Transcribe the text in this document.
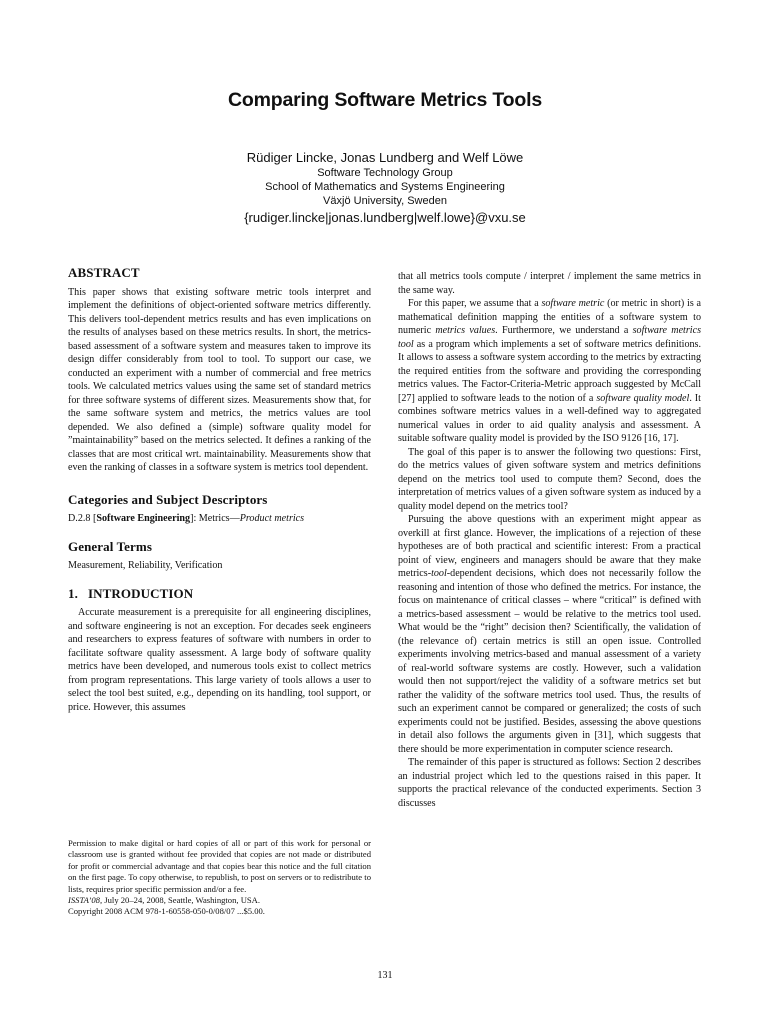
Comparing Software Metrics Tools
Rüdiger Lincke, Jonas Lundberg and Welf Löwe
Software Technology Group
School of Mathematics and Systems Engineering
Växjö University, Sweden
{rudiger.lincke|jonas.lundberg|welf.lowe}@vxu.se
ABSTRACT

This paper shows that existing software metric tools interpret and implement the definitions of object-oriented software metrics differently. This delivers tool-dependent metrics results and has even implications on the results of analyses based on these metrics results. In short, the metrics-based assessment of a software system and measures taken to improve its design differ considerably from tool to tool. To support our case, we conducted an experiment with a number of commercial and free metrics tools. We calculated metrics values using the same set of standard metrics for three software systems of different sizes. Measurements show that, for the same software system and metrics, the metrics values are tool depended. We also defined a (simple) software quality model for ”maintainability” based on the metrics selected. It defines a ranking of the classes that are most critical wrt. maintainability. Measurements show that even the ranking of classes in a software system is metrics tool dependent.

Categories and Subject Descriptors

D.2.8 [Software Engineering]: Metrics—Product metrics

General Terms

Measurement, Reliability, Verification

1.   INTRODUCTION

Accurate measurement is a prerequisite for all engineering disciplines, and software engineering is not an exception. For decades seek engineers and researchers to express features of software with numbers in order to facilitate software quality assessment. A large body of software quality metrics have been developed, and numerous tools exist to collect metrics from program representations. This large variety of tools allows a user to select the tool best suited, e.g., depending on its handling, tool support, or price. However, this assumes

Permission to make digital or hard copies of all or part of this work for personal or classroom use is granted without fee provided that copies are not made or distributed for profit or commercial advantage and that copies bear this notice and the full citation on the first page. To copy otherwise, to republish, to post on servers or to redistribute to lists, requires prior specific permission and/or a fee.

ISSTA’08, July 20–24, 2008, Seattle, Washington, USA.

Copyright 2008 ACM 978-1-60558-050-0/08/07 ...$5.00.

that all metrics tools compute / interpret / implement the same metrics in the same way.

For this paper, we assume that a software metric (or metric in short) is a mathematical definition mapping the entities of a software system to numeric metrics values. Furthermore, we understand a software metrics tool as a program which implements a set of software metrics definitions. It allows to assess a software system according to the metrics by extracting the required entities from the software and providing the corresponding metrics values. The Factor-Criteria-Metric approach suggested by McCall [27] applied to software leads to the notion of a software quality model. It combines software metrics values in a well-defined way to aggregated numerical values in order to aid quality analysis and assessment. A suitable software quality model is provided by the ISO 9126 [16, 17].

The goal of this paper is to answer the following two questions: First, do the metrics values of given software system and metrics definitions depend on the metrics tool used to compute them? Second, does the interpretation of metrics values of a given software system as induced by a quality model depend on the metrics tool?

Pursuing the above questions with an experiment might appear as overkill at first glance. However, the implications of a rejection of these hypotheses are of both practical and scientific interest: From a practical point of view, engineers and managers should be aware that they make metrics-tool-dependent decisions, which does not necessarily follow the reasoning and intention of those who defined the metrics. For instance, the focus on maintenance of critical classes – where “critical” is defined with a metrics-based assessment – would be relative to the metrics tool used. What would be the “right” decision then? Scientifically, the validation of (the relevance of) certain metrics is still an open issue. Controlled experiments involving metrics-based and manual assessment of a variety of real-world software systems are costly. However, such a validation would then not support/reject the validity of a software metrics set but rather the validity of the software metrics tool used. Thus, the results of such an experiment cannot be compared or generalized; the costs of such experiments could not be justified. Besides, assessing the above questions in detail also follows the arguments given in [31], which suggests that there should be more experimentation in computer science research.

The remainder of this paper is structured as follows: Section 2 describes an industrial project which led to the questions raised in this paper. It supports the practical relevance of the conducted experiments. Section 3 discusses

131
